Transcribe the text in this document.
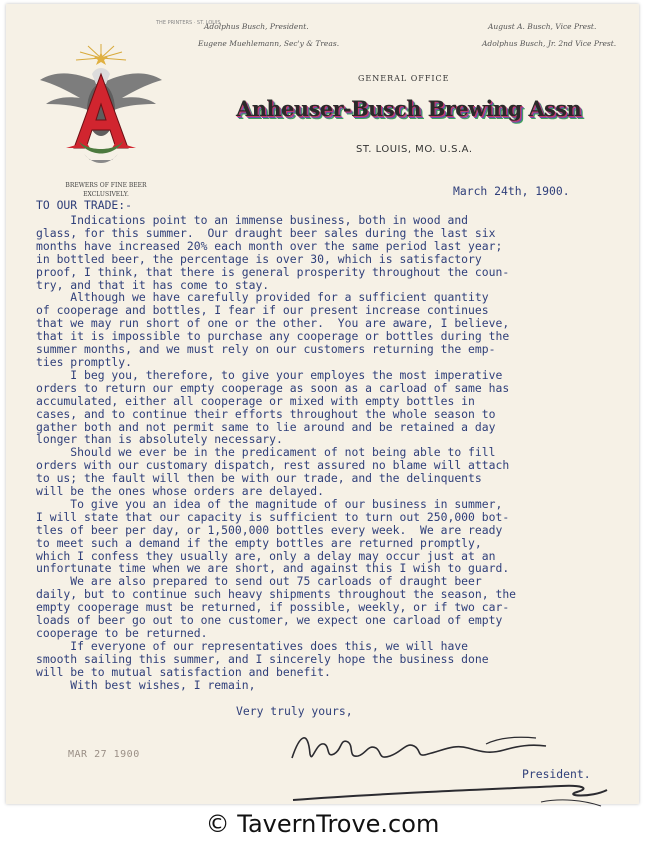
THE PRINTERS · ST. LOUIS
Adolphus Busch, President.
Eugene Muehlemann, Sec'y & Treas.
August A. Busch, Vice Prest.
Adolphus Busch, Jr. 2nd Vice Prest.
BREWERS OF FINE BEER
EXCLUSIVELY.
GENERAL OFFICE
Anheuser-Busch Brewing Assn
ST. LOUIS, MO. U.S.A.
March 24th, 1900.
TO OUR TRADE:-
Indications point to an immense business, both in wood and
glass, for this summer.  Our draught beer sales during the last six
months have increased 20% each month over the same period last year;
in bottled beer, the percentage is over 30, which is satisfactory
proof, I think, that there is general prosperity throughout the coun-
try, and that it has come to stay.
Although we have carefully provided for a sufficient quantity
of cooperage and bottles, I fear if our present increase continues
that we may run short of one or the other.  You are aware, I believe,
that it is impossible to purchase any cooperage or bottles during the
summer months, and we must rely on our customers returning the emp-
ties promptly.
I beg you, therefore, to give your employes the most imperative
orders to return our empty cooperage as soon as a carload of same has
accumulated, either all cooperage or mixed with empty bottles in
cases, and to continue their efforts throughout the whole season to
gather both and not permit same to lie around and be retained a day
longer than is absolutely necessary.
Should we ever be in the predicament of not being able to fill
orders with our customary dispatch, rest assured no blame will attach
to us; the fault will then be with our trade, and the delinquents
will be the ones whose orders are delayed.
To give you an idea of the magnitude of our business in summer,
I will state that our capacity is sufficient to turn out 250,000 bot-
tles of beer per day, or 1,500,000 bottles every week.  We are ready
to meet such a demand if the empty bottles are returned promptly,
which I confess they usually are, only a delay may occur just at an
unfortunate time when we are short, and against this I wish to guard.
We are also prepared to send out 75 carloads of draught beer
daily, but to continue such heavy shipments throughout the season, the
empty cooperage must be returned, if possible, weekly, or if two car-
loads of beer go out to one customer, we expect one carload of empty
cooperage to be returned.
If everyone of our representatives does this, we will have
smooth sailing this summer, and I sincerely hope the business done
will be to mutual satisfaction and benefit.
With best wishes, I remain,
Very truly yours,
President.
MAR 27 1900
© TavernTrove.com
